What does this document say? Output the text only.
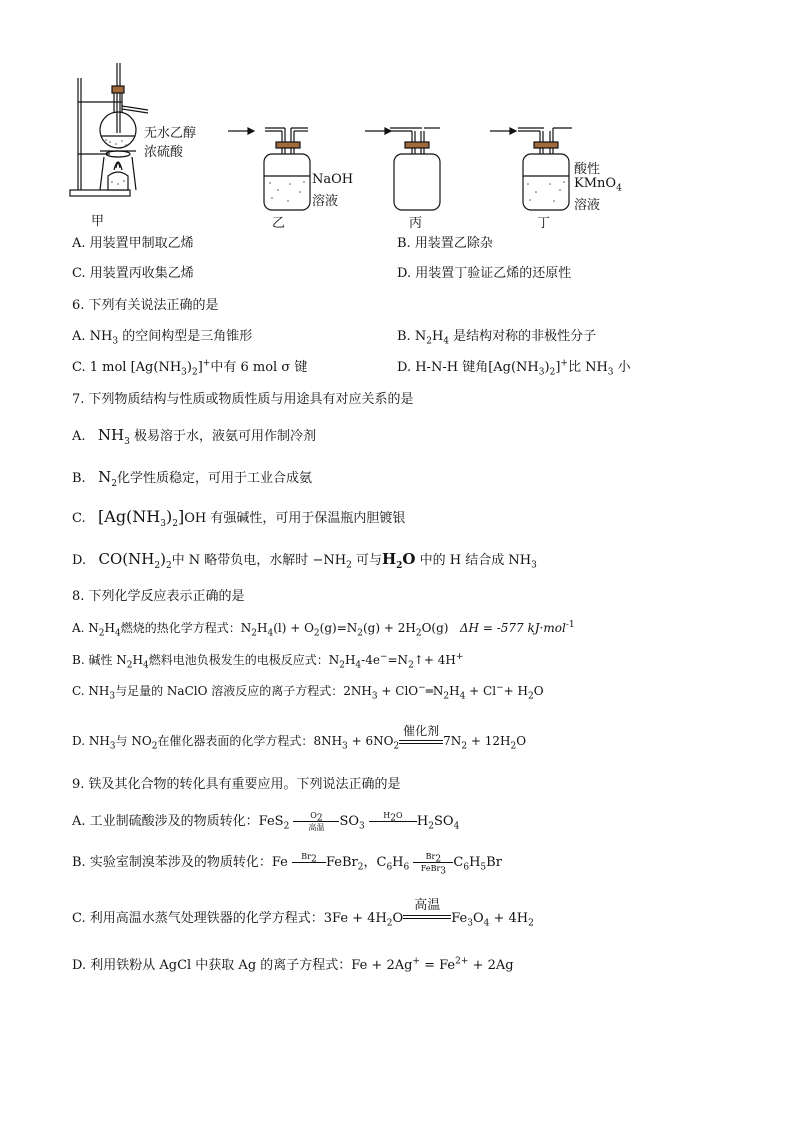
无水乙醇
浓硫酸
NaOH
溶液
酸性
KMnO$_4$
溶液
甲	乙	丙	丁
A. 用装置甲制取乙烯	B. 用装置乙除杂
C. 用装置丙收集乙烯	D. 用装置丁验证乙烯的还原性
6. 下列有关说法正确的是
A. $NH_3$ 的空间构型是三角锥形	B. $N_2H_4$ 是结构对称的非极性分子
C. 1 mol $[Ag(NH_3)_2]^+$中有 6 mol σ 键	D. H-N-H 键角$[Ag(NH_3)_2]^+$比 $NH_3$ 小
7. 下列物质结构与性质或物质性质与用途具有对应关系的是
A.   $NH_3$ 极易溶于水，液氨可用作制冷剂
B.   $N_2$化学性质稳定，可用于工业合成氨
C.   $[Ag(NH_3)_2]OH$ 有强碱性，可用于保温瓶内胆镀银
D.   $CO(NH_2)_2$中 N 略带负电，水解时 $-NH_2$ 可与$H_2O$ 中的 H 结合成 $NH_3$
8. 下列化学反应表示正确的是
A. $N_2H_4$燃烧的热化学方程式：$N_2H_4(l) + O_2(g)=N_2(g) + 2H_2O(g) \Delta H = -577$ kJ·mol$^{-1}$
B. 碱性 $N_2H_4$燃料电池负极发生的电极反应式：$N_2H_4-4e^-=N_2↑+ 4H^+$
C. $NH_3$与足量的 NaClO 溶液反应的离子方程式：$2NH_3$ + $ClO^-═N_2H_4 + Cl^-+ H_2O$
D. $NH_3$与 $NO_2$在催化器表面的化学方程式：$8NH_3 + 6NO_2$
催化剂
$7N_2 + 12H_2O$
9. 铁及其化合物的转化具有重要应用。下列说法正确的是
A. 工业制硫酸涉及的物质转化：FeS$_2$
$O_2$
高温	$SO_3$
$H_2O$
	$H_2SO_4$
B. 实验室制溴苯涉及的物质转化：Fe	$Br_2$
FeBr$_2$，$C_6H_6$
$Br_2$
FeBr$_3$
$C_6H_5Br$
C. 利用高温水蒸气处理铁器的化学方程式：$3Fe + 4H_2O$
高温
$Fe_3O_4 + 4H_2$
D. 利用铁粉从 AgCl 中获取 Ag 的离子方程式：$Fe + 2Ag^+ = Fe^{2+} + 2Ag$
